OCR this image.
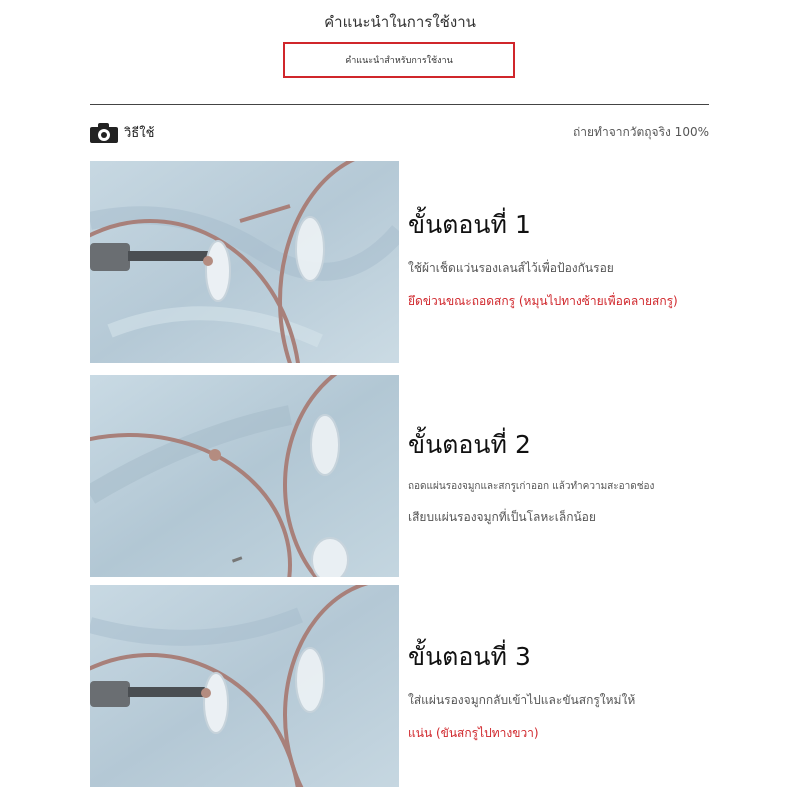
คำแนะนำในการใช้งาน
คำแนะนำสำหรับการใช้งาน
วิธีใช้	ถ่ายทำจากวัตถุจริง 100%
ขั้นตอนที่ 1
ใช้ผ้าเช็ดแว่นรองเลนส์ไว้เพื่อป้องกันรอย
ยึดข่วนขณะถอดสกรู (หมุนไปทางซ้ายเพื่อคลายสกรู)
ขั้นตอนที่ 2
ถอดแผ่นรองจมูกและสกรูเก่าออก แล้วทำความสะอาดช่อง
เสียบแผ่นรองจมูกที่เป็นโลหะเล็กน้อย
ขั้นตอนที่ 3
ใส่แผ่นรองจมูกกลับเข้าไปและขันสกรูใหม่ให้
แน่น (ขันสกรูไปทางขวา)
